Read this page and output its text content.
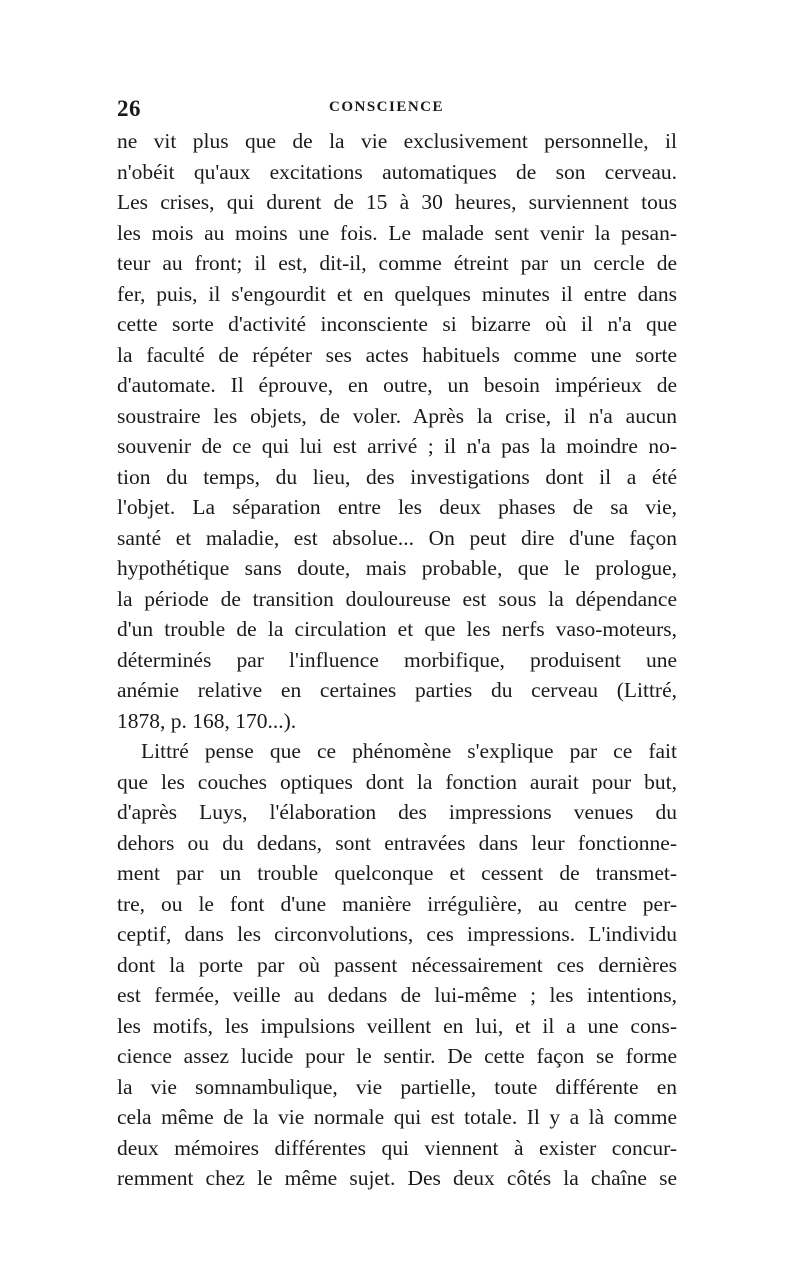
26	CONSCIENCE
ne vit plus que de la vie exclusivement personnelle, il
n'obéit qu'aux excitations automatiques de son cerveau.
Les crises, qui durent de 15 à 30 heures, surviennent tous
les mois au moins une fois. Le malade sent venir la pesan-
teur au front; il est, dit-il, comme étreint par un cercle de
fer, puis, il s'engourdit et en quelques minutes il entre dans
cette sorte d'activité inconsciente si bizarre où il n'a que
la faculté de répéter ses actes habituels comme une sorte
d'automate. Il éprouve, en outre, un besoin impérieux de
soustraire les objets, de voler. Après la crise, il n'a aucun
souvenir de ce qui lui est arrivé ; il n'a pas la moindre no-
tion du temps, du lieu, des investigations dont il a été
l'objet. La séparation entre les deux phases de sa vie,
santé et maladie, est absolue... On peut dire d'une façon
hypothétique sans doute, mais probable, que le prologue,
la période de transition douloureuse est sous la dépendance
d'un trouble de la circulation et que les nerfs vaso-moteurs,
déterminés par l'influence morbifique, produisent une
anémie relative en certaines parties du cerveau (Littré,
1878, p. 168, 170...).
Littré pense que ce phénomène s'explique par ce fait
que les couches optiques dont la fonction aurait pour but,
d'après Luys, l'élaboration des impressions venues du
dehors ou du dedans, sont entravées dans leur fonctionne-
ment par un trouble quelconque et cessent de transmet-
tre, ou le font d'une manière irrégulière, au centre per-
ceptif, dans les circonvolutions, ces impressions. L'individu
dont la porte par où passent nécessairement ces dernières
est fermée, veille au dedans de lui-même ; les intentions,
les motifs, les impulsions veillent en lui, et il a une cons-
cience assez lucide pour le sentir. De cette façon se forme
la vie somnambulique, vie partielle, toute différente en
cela même de la vie normale qui est totale. Il y a là comme
deux mémoires différentes qui viennent à exister concur-
remment chez le même sujet. Des deux côtés la chaîne se
